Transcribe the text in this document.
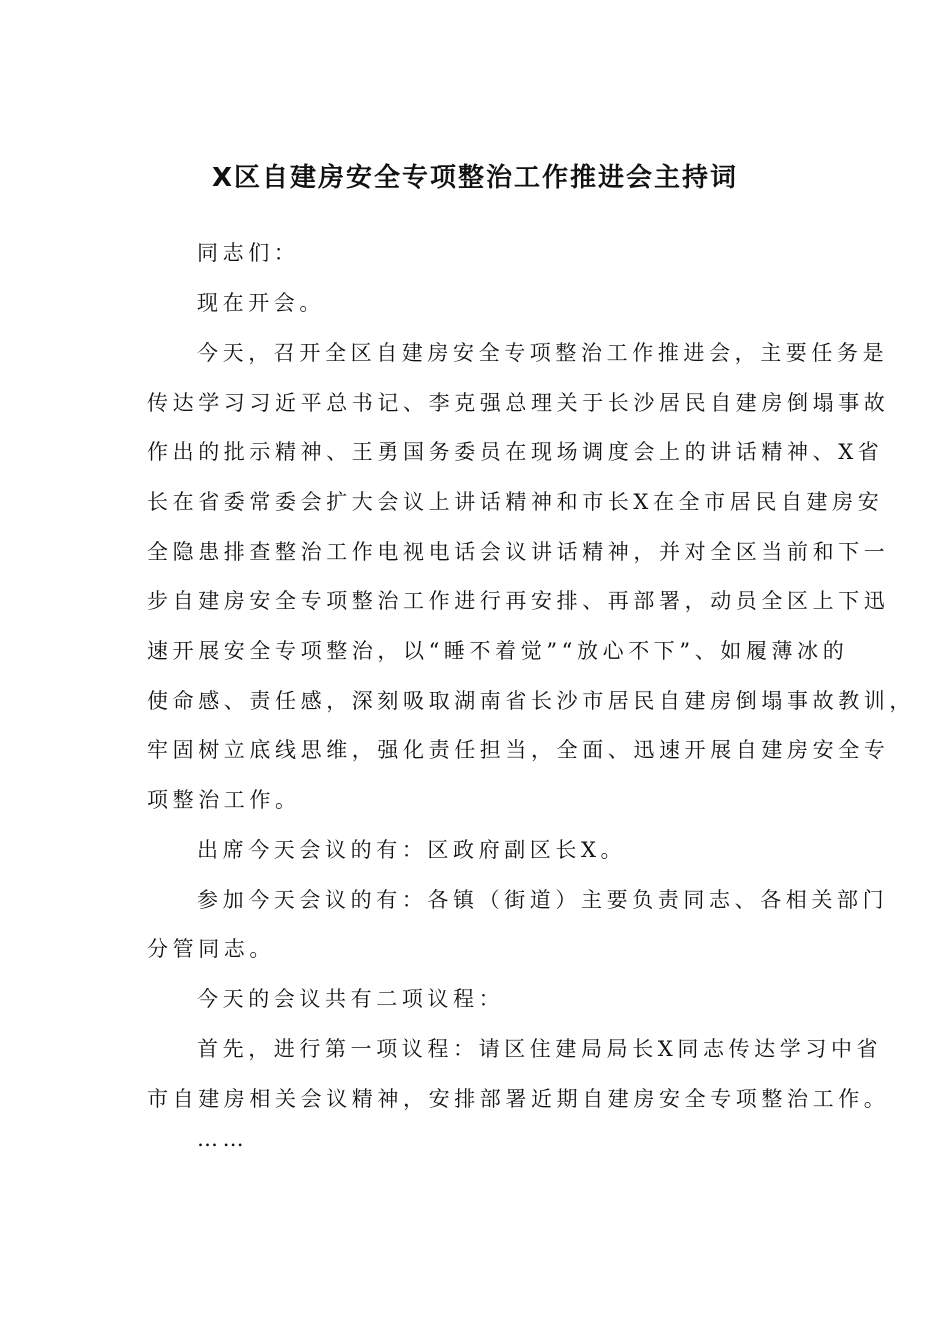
X区自建房安全专项整治工作推进会主持词
同志们：
现在开会。
今天，召开全区自建房安全专项整治工作推进会，主要任务是
传达学习习近平总书记、李克强总理关于长沙居民自建房倒塌事故
作出的批示精神、王勇国务委员在现场调度会上的讲话精神、X省
长在省委常委会扩大会议上讲话精神和市长X在全市居民自建房安
全隐患排查整治工作电视电话会议讲话精神，并对全区当前和下一
步自建房安全专项整治工作进行再安排、再部署，动员全区上下迅
速开展安全专项整治，以“睡不着觉”“放心不下”、如履薄冰的
使命感、责任感，深刻吸取湖南省长沙市居民自建房倒塌事故教训，
牢固树立底线思维，强化责任担当，全面、迅速开展自建房安全专
项整治工作。
出席今天会议的有：区政府副区长X。
参加今天会议的有：各镇（街道）主要负责同志、各相关部门
分管同志。
今天的会议共有二项议程：
首先，进行第一项议程：请区住建局局长X同志传达学习中省
市自建房相关会议精神，安排部署近期自建房安全专项整治工作。
……
